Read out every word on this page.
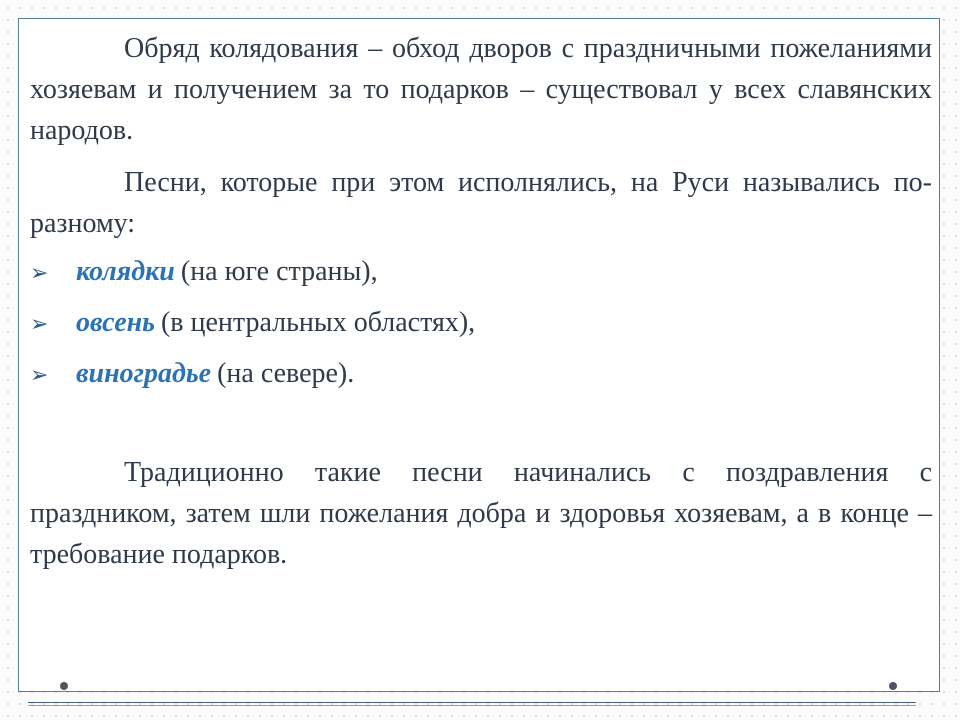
Обряд колядования – обход дворов с праздничными пожеланиями хозяевам и получением за то подарков – существовал у всех славянских народов.

Песни, которые при этом исполнялись, на Руси назывались по-разному:

➢ колядки (на юге страны),
➢ овсень (в центральных областях),
➢ виноградье (на севере).

Традиционно такие песни начинались с поздравления с праздником, затем шли пожелания добра и здоровья хозяевам, а в конце – требование подарков.
